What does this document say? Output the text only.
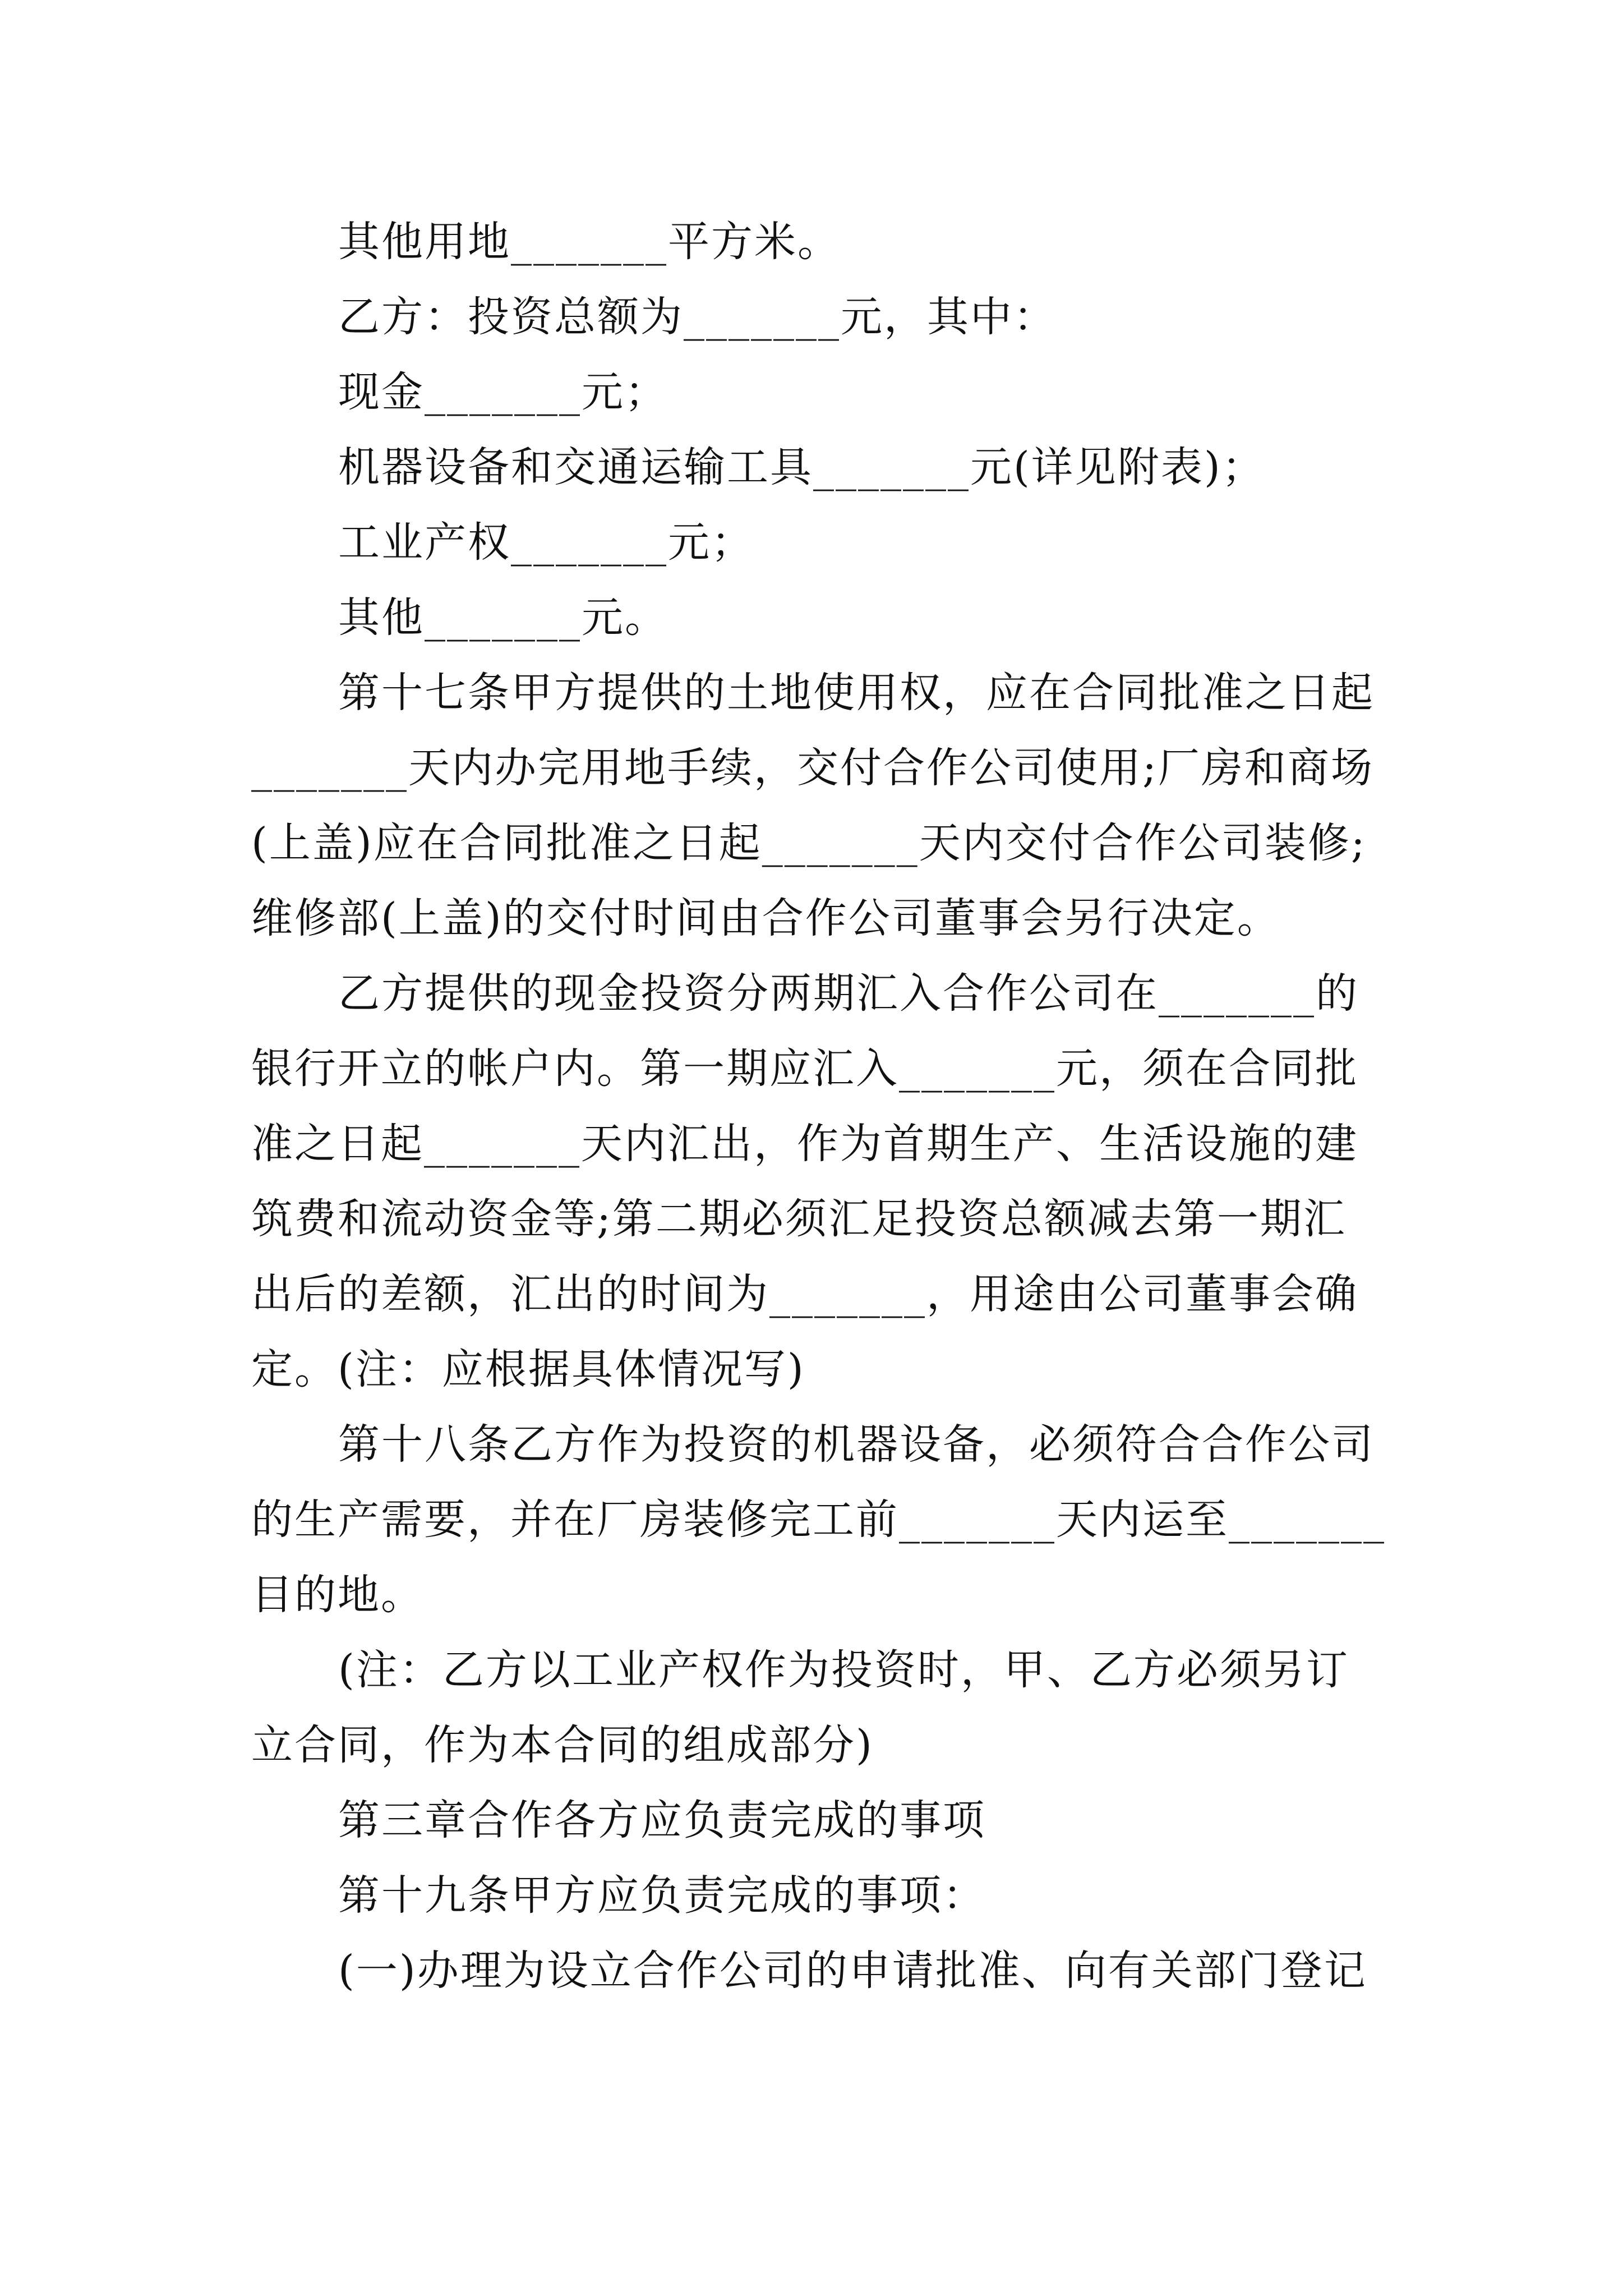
其他用地_______平方米。
乙方：投资总额为_______元，其中：
现金_______元；
机器设备和交通运输工具_______元(详见附表)；
工业产权_______元；
其他_______元。
第十七条甲方提供的土地使用权，应在合同批准之日起
_______天内办完用地手续，交付合作公司使用;厂房和商场
(上盖)应在合同批准之日起_______天内交付合作公司装修;
维修部(上盖)的交付时间由合作公司董事会另行决定。
乙方提供的现金投资分两期汇入合作公司在_______的
银行开立的帐户内。第一期应汇入_______元，须在合同批
准之日起_______天内汇出，作为首期生产、生活设施的建
筑费和流动资金等;第二期必须汇足投资总额减去第一期汇
出后的差额，汇出的时间为_______，用途由公司董事会确
定。(注：应根据具体情况写)
第十八条乙方作为投资的机器设备，必须符合合作公司
的生产需要，并在厂房装修完工前_______天内运至_______
目的地。
(注：乙方以工业产权作为投资时，甲、乙方必须另订
立合同，作为本合同的组成部分)
第三章合作各方应负责完成的事项
第十九条甲方应负责完成的事项：
(一)办理为设立合作公司的申请批准、向有关部门登记
